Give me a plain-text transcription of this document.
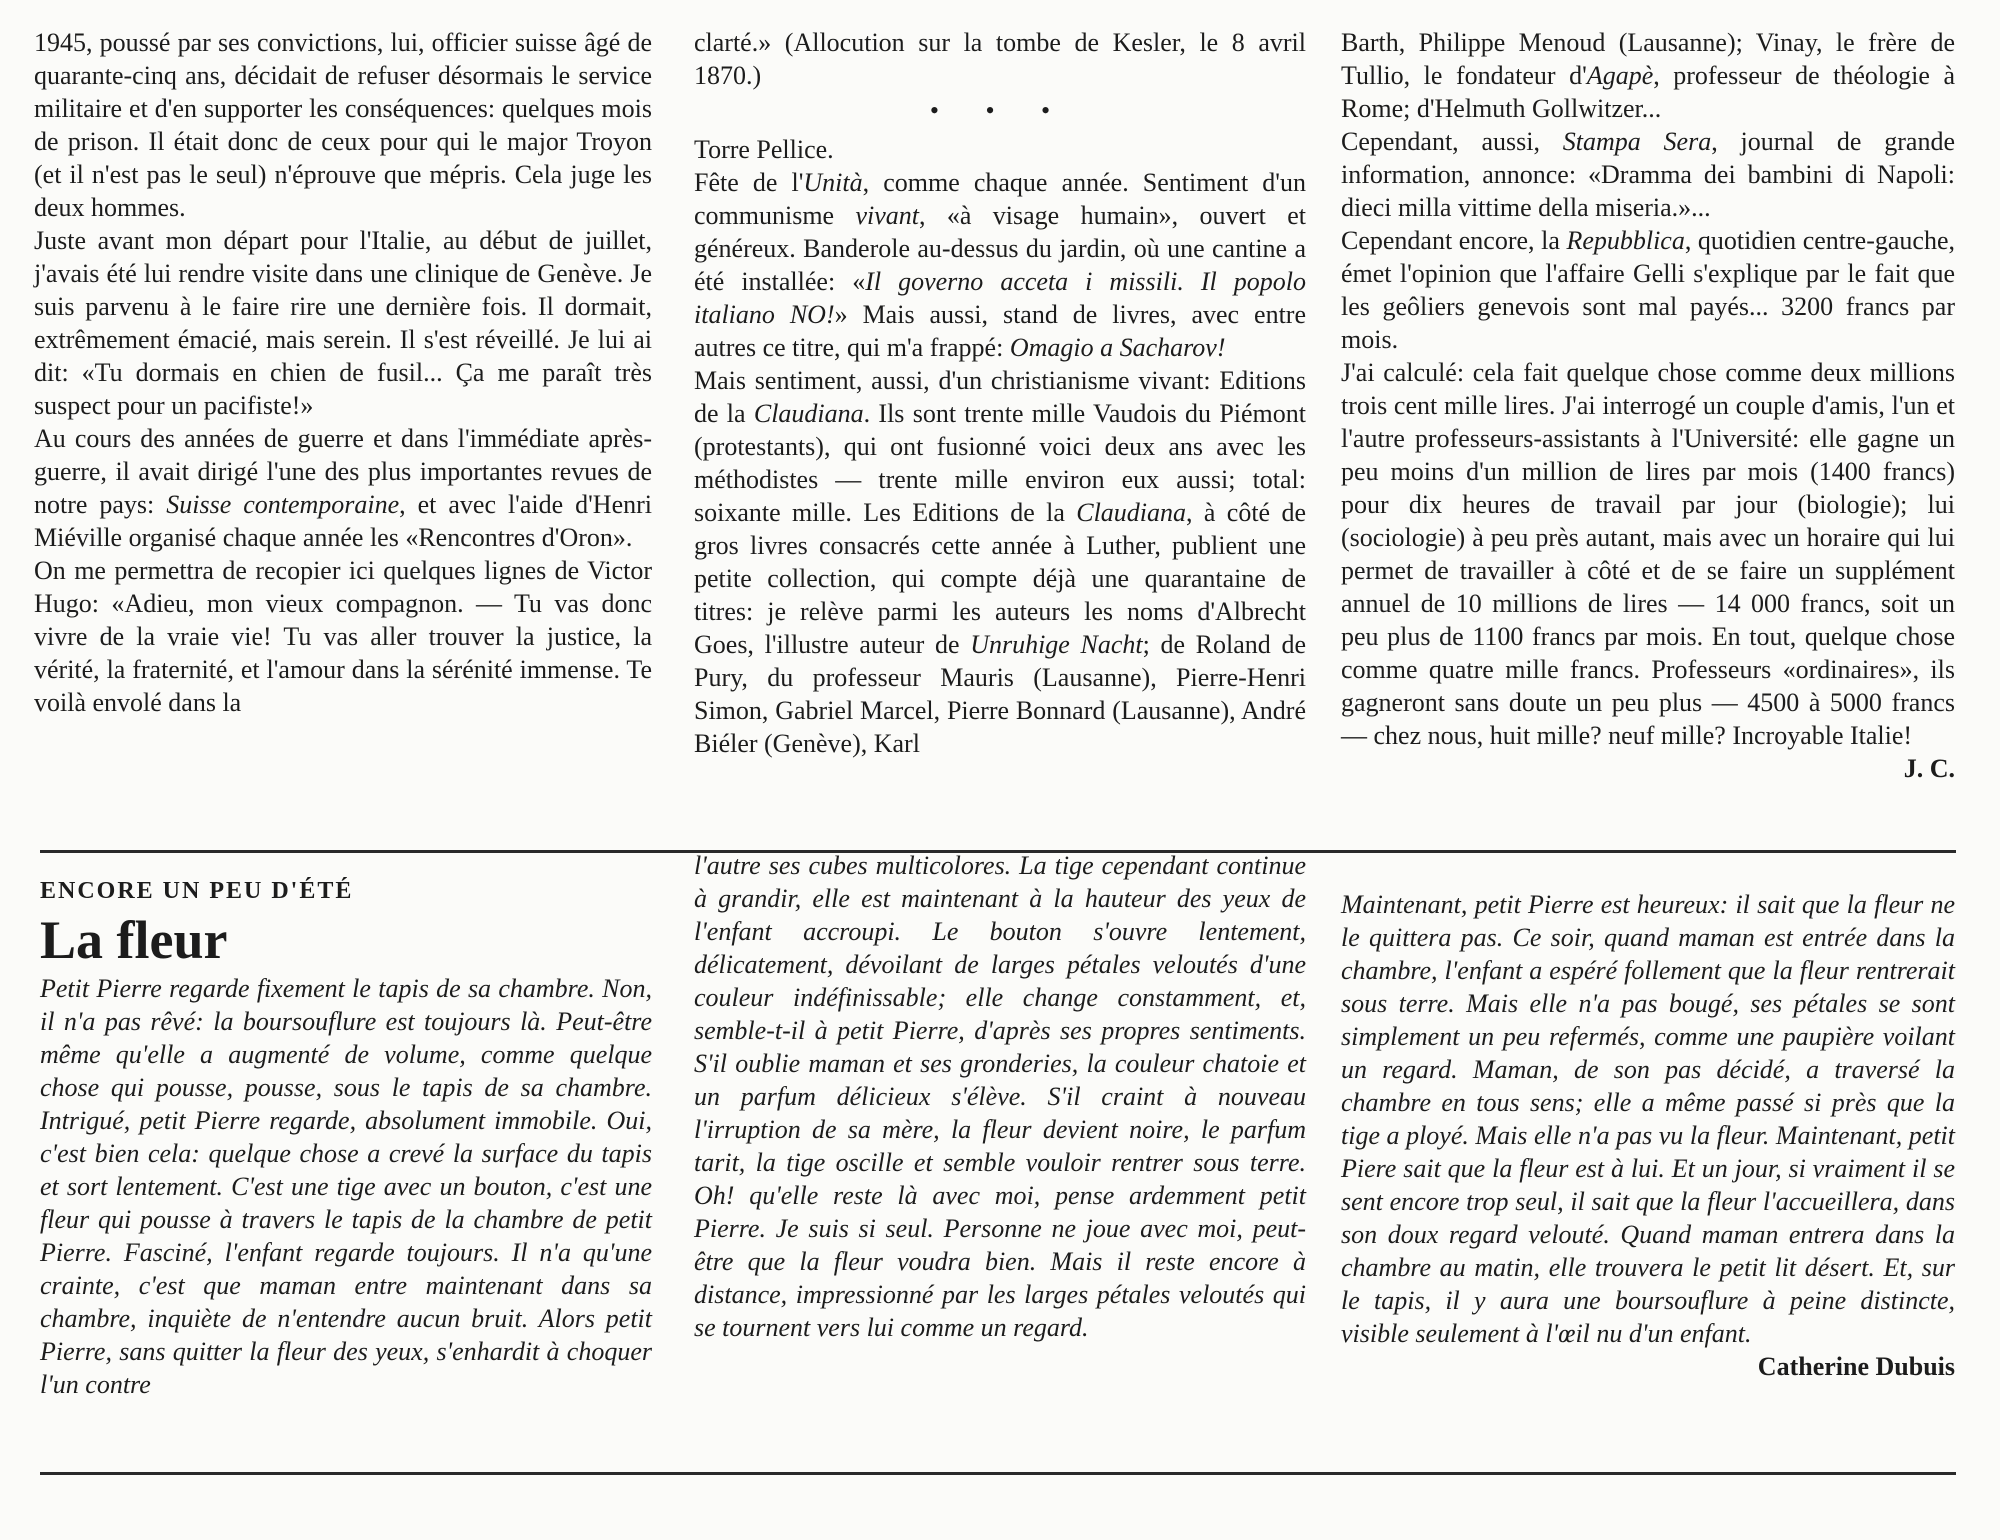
1945, poussé par ses convictions, lui, officier suisse âgé de quarante-cinq ans, décidait de refuser désormais le service militaire et d'en supporter les conséquences: quelques mois de prison. Il était donc de ceux pour qui le major Troyon (et il n'est pas le seul) n'éprouve que mépris. Cela juge les deux hommes.

Juste avant mon départ pour l'Italie, au début de juillet, j'avais été lui rendre visite dans une clinique de Genève. Je suis parvenu à le faire rire une dernière fois. Il dormait, extrêmement émacié, mais serein. Il s'est réveillé. Je lui ai dit: «Tu dormais en chien de fusil... Ça me paraît très suspect pour un pacifiste!»

Au cours des années de guerre et dans l'immédiate après-guerre, il avait dirigé l'une des plus importantes revues de notre pays: Suisse contemporaine, et avec l'aide d'Henri Miéville organisé chaque année les «Rencontres d'Oron».

On me permettra de recopier ici quelques lignes de Victor Hugo: «Adieu, mon vieux compagnon. — Tu vas donc vivre de la vraie vie! Tu vas aller trouver la justice, la vérité, la fraternité, et l'amour dans la sérénité immense. Te voilà envolé dans la

clarté.» (Allocution sur la tombe de Kesler, le 8 avril 1870.)

• • •

Torre Pellice.

Fête de l'Unità, comme chaque année. Sentiment d'un communisme vivant, «à visage humain», ouvert et généreux. Banderole au-dessus du jardin, où une cantine a été installée: «Il governo acceta i missili. Il popolo italiano NO!» Mais aussi, stand de livres, avec entre autres ce titre, qui m'a frappé: Omagio a Sacharov!

Mais sentiment, aussi, d'un christianisme vivant: Editions de la Claudiana. Ils sont trente mille Vaudois du Piémont (protestants), qui ont fusionné voici deux ans avec les méthodistes — trente mille environ eux aussi; total: soixante mille. Les Editions de la Claudiana, à côté de gros livres consacrés cette année à Luther, publient une petite collection, qui compte déjà une quarantaine de titres: je relève parmi les auteurs les noms d'Albrecht Goes, l'illustre auteur de Unruhige Nacht; de Roland de Pury, du professeur Mauris (Lausanne), Pierre-Henri Simon, Gabriel Marcel, Pierre Bonnard (Lausanne), André Biéler (Genève), Karl

Barth, Philippe Menoud (Lausanne); Vinay, le frère de Tullio, le fondateur d'Agapè, professeur de théologie à Rome; d'Helmuth Gollwitzer...

Cependant, aussi, Stampa Sera, journal de grande information, annonce: «Dramma dei bambini di Napoli: dieci milla vittime della miseria.»...

Cependant encore, la Repubblica, quotidien centre-gauche, émet l'opinion que l'affaire Gelli s'explique par le fait que les geôliers genevois sont mal payés... 3200 francs par mois.

J'ai calculé: cela fait quelque chose comme deux millions trois cent mille lires. J'ai interrogé un couple d'amis, l'un et l'autre professeurs-assistants à l'Université: elle gagne un peu moins d'un million de lires par mois (1400 francs) pour dix heures de travail par jour (biologie); lui (sociologie) à peu près autant, mais avec un horaire qui lui permet de travailler à côté et de se faire un supplément annuel de 10 millions de lires — 14 000 francs, soit un peu plus de 1100 francs par mois. En tout, quelque chose comme quatre mille francs. Professeurs «ordinaires», ils gagneront sans doute un peu plus — 4500 à 5000 francs — chez nous, huit mille? neuf mille? Incroyable Italie!
J. C.

ENCORE UN PEU D'ÉTÉ
La fleur

Petit Pierre regarde fixement le tapis de sa chambre. Non, il n'a pas rêvé: la boursouflure est toujours là. Peut-être même qu'elle a augmenté de volume, comme quelque chose qui pousse, pousse, sous le tapis de sa chambre. Intrigué, petit Pierre regarde, absolument immobile. Oui, c'est bien cela: quelque chose a crevé la surface du tapis et sort lentement. C'est une tige avec un bouton, c'est une fleur qui pousse à travers le tapis de la chambre de petit Pierre. Fasciné, l'enfant regarde toujours. Il n'a qu'une crainte, c'est que maman entre maintenant dans sa chambre, inquiète de n'entendre aucun bruit. Alors petit Pierre, sans quitter la fleur des yeux, s'enhardit à choquer l'un contre

l'autre ses cubes multicolores. La tige cependant continue à grandir, elle est maintenant à la hauteur des yeux de l'enfant accroupi. Le bouton s'ouvre lentement, délicatement, dévoilant de larges pétales veloutés d'une couleur indéfinissable; elle change constamment, et, semble-t-il à petit Pierre, d'après ses propres sentiments. S'il oublie maman et ses gronderies, la couleur chatoie et un parfum délicieux s'élève. S'il craint à nouveau l'irruption de sa mère, la fleur devient noire, le parfum tarit, la tige oscille et semble vouloir rentrer sous terre. Oh! qu'elle reste là avec moi, pense ardemment petit Pierre. Je suis si seul. Personne ne joue avec moi, peut-être que la fleur voudra bien. Mais il reste encore à distance, impressionné par les larges pétales veloutés qui se tournent vers lui comme un regard.

Maintenant, petit Pierre est heureux: il sait que la fleur ne le quittera pas. Ce soir, quand maman est entrée dans la chambre, l'enfant a espéré follement que la fleur rentrerait sous terre. Mais elle n'a pas bougé, ses pétales se sont simplement un peu refermés, comme une paupière voilant un regard. Maman, de son pas décidé, a traversé la chambre en tous sens; elle a même passé si près que la tige a ployé. Mais elle n'a pas vu la fleur. Maintenant, petit Piere sait que la fleur est à lui. Et un jour, si vraiment il se sent encore trop seul, il sait que la fleur l'accueillera, dans son doux regard velouté. Quand maman entrera dans la chambre au matin, elle trouvera le petit lit désert. Et, sur le tapis, il y aura une boursouflure à peine distincte, visible seulement à l'œil nu d'un enfant.

Catherine Dubuis
